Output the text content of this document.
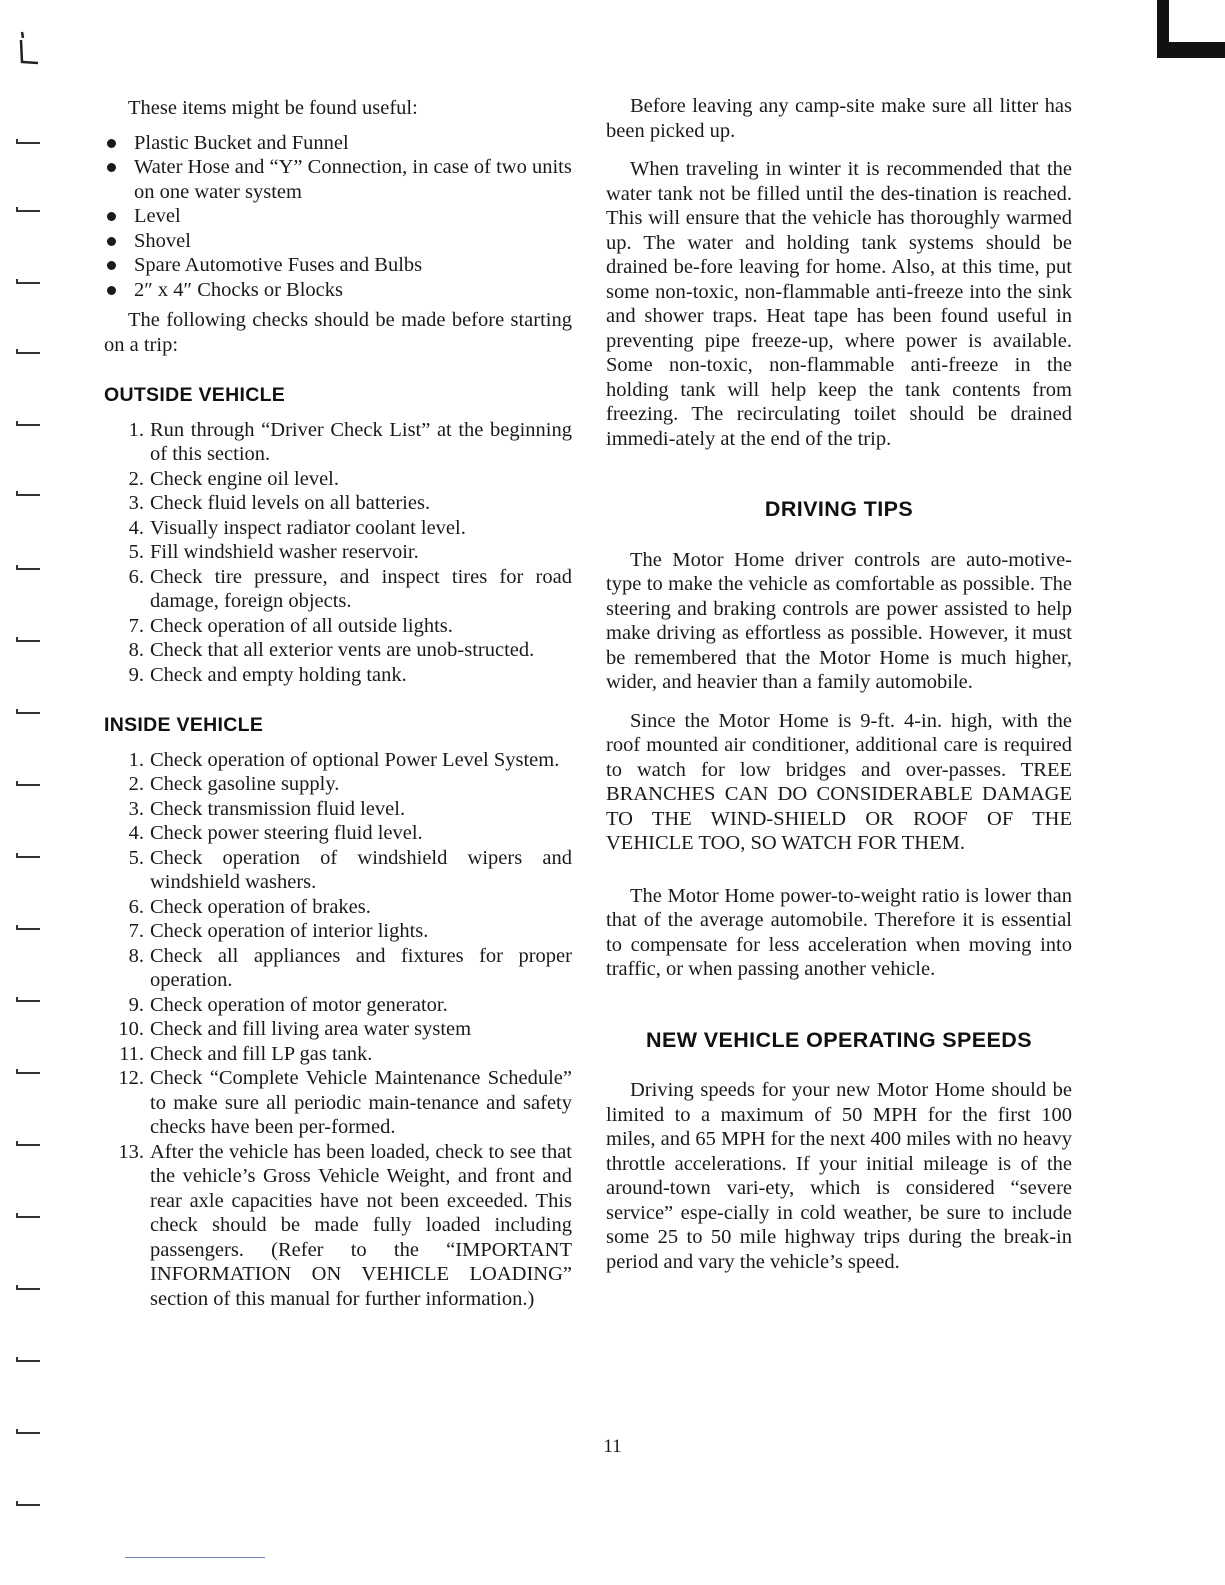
These items might be found useful:

Plastic Bucket and Funnel
Water Hose and “Y” Connection, in case of two units on one water system
Level
Shovel
Spare Automotive Fuses and Bulbs
2″ x 4″ Chocks or Blocks

The following checks should be made before starting on a trip:

OUTSIDE VEHICLE
1. Run through “Driver Check List” at the beginning of this section.
2. Check engine oil level.
3. Check fluid levels on all batteries.
4. Visually inspect radiator coolant level.
5. Fill windshield washer reservoir.
6. Check tire pressure, and inspect tires for road damage, foreign objects.
7. Check operation of all outside lights.
8. Check that all exterior vents are unob-structed.
9. Check and empty holding tank.
INSIDE VEHICLE
1. Check operation of optional Power Level System.
2. Check gasoline supply.
3. Check transmission fluid level.
4. Check power steering fluid level.
5. Check operation of windshield wipers and windshield washers.
6. Check operation of brakes.
7. Check operation of interior lights.
8. Check all appliances and fixtures for proper operation.
9. Check operation of motor generator.
10. Check and fill living area water system
11. Check and fill LP gas tank.
12. Check “Complete Vehicle Maintenance Schedule” to make sure all periodic main-tenance and safety checks have been per-formed.
13. After the vehicle has been loaded, check to see that the vehicle’s Gross Vehicle Weight, and front and rear axle capacities have not been exceeded. This check should be made fully loaded including passengers. (Refer to the “IMPORTANT INFORMATION ON VEHICLE LOADING” section of this manual for further information.)

Before leaving any camp-site make sure all litter has been picked up.

When traveling in winter it is recommended that the water tank not be filled until the des-tination is reached. This will ensure that the vehicle has thoroughly warmed up. The water and holding tank systems should be drained be-fore leaving for home. Also, at this time, put some non-toxic, non-flammable anti-freeze into the sink and shower traps. Heat tape has been found useful in preventing pipe freeze-up, where power is available. Some non-toxic, non-flammable anti-freeze in the holding tank will help keep the tank contents from freezing. The recirculating toilet should be drained immedi-ately at the end of the trip.

DRIVING TIPS

The Motor Home driver controls are auto-motive-type to make the vehicle as comfortable as possible. The steering and braking controls are power assisted to help make driving as effortless as possible. However, it must be remembered that the Motor Home is much higher, wider, and heavier than a family automobile.

Since the Motor Home is 9-ft. 4-in. high, with the roof mounted air conditioner, additional care is required to watch for low bridges and over-passes. TREE BRANCHES CAN DO CONSIDERABLE DAMAGE TO THE WIND-SHIELD OR ROOF OF THE VEHICLE TOO, SO WATCH FOR THEM.

The Motor Home power-to-weight ratio is lower than that of the average automobile. Therefore it is essential to compensate for less acceleration when moving into traffic, or when passing another vehicle.

NEW VEHICLE OPERATING SPEEDS

Driving speeds for your new Motor Home should be limited to a maximum of 50 MPH for the first 100 miles, and 65 MPH for the next 400 miles with no heavy throttle accelerations. If your initial mileage is of the around-town vari-ety, which is considered “severe service” espe-cially in cold weather, be sure to include some 25 to 50 mile highway trips during the break-in period and vary the vehicle’s speed.

11
